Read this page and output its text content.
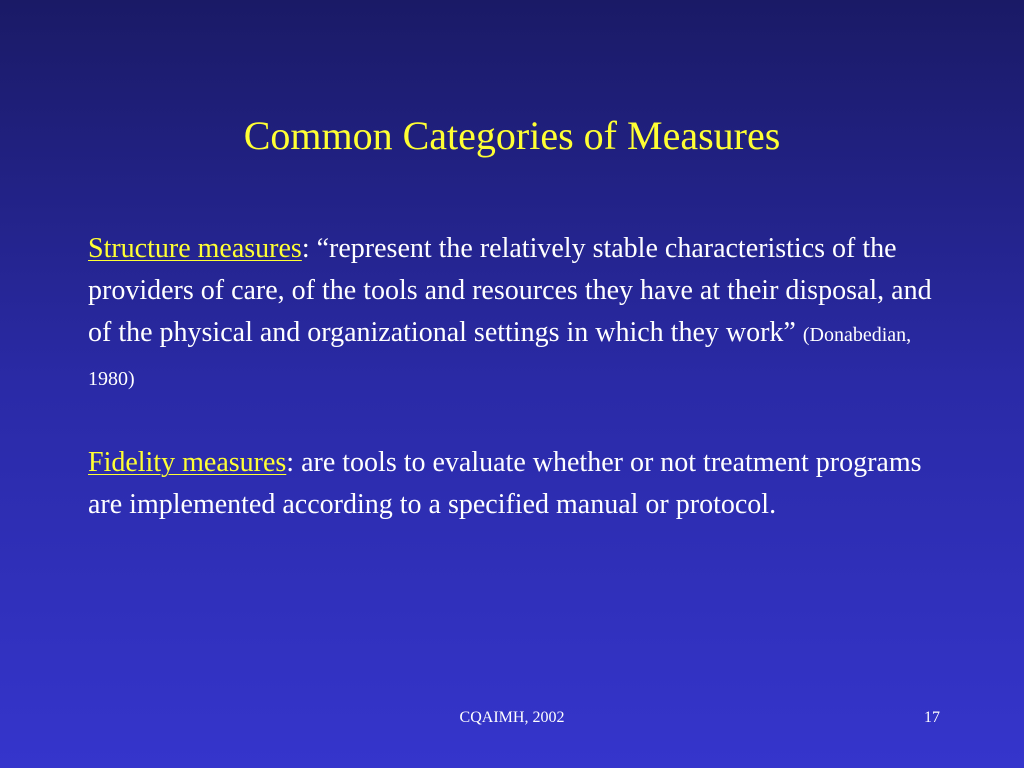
Common Categories of Measures

Structure measures: “represent the relatively stable characteristics of the providers of care, of the tools and resources they have at their disposal, and of the physical and organizational settings in which they work” (Donabedian, 1980)

Fidelity measures: are tools to evaluate whether or not treatment programs are implemented according to a specified manual or protocol.

CQAIMH, 2002	17
